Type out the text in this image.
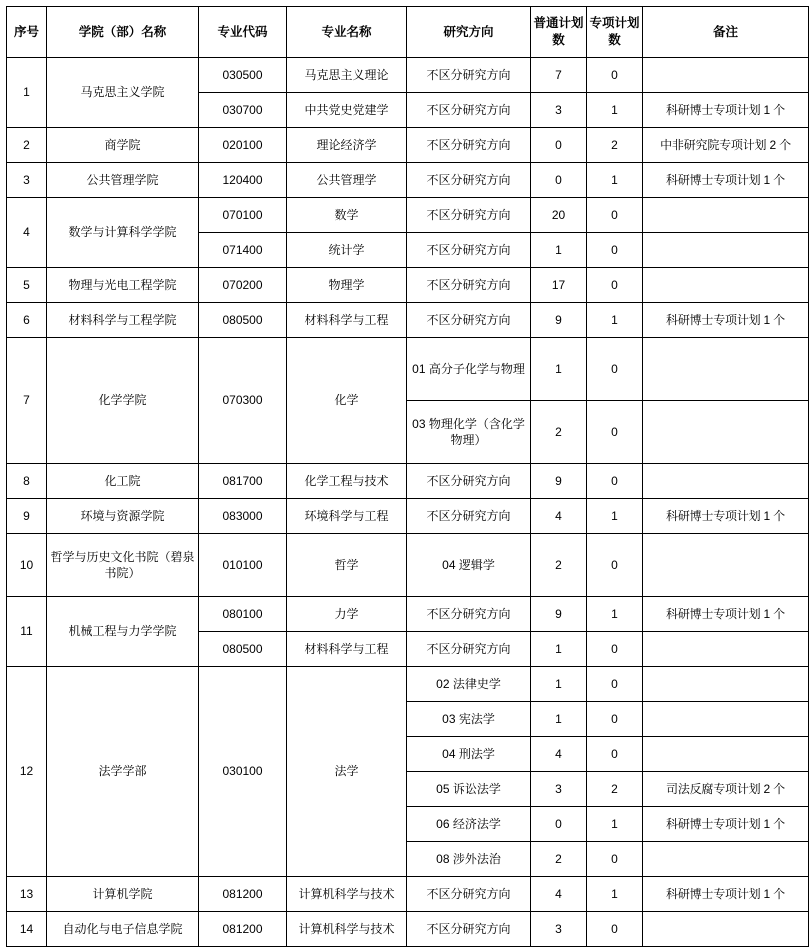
序号	学院（部）名称	专业代码	专业名称	研究方向	普通计划数	专项计划数	备注
1	马克思主义学院	030500	马克思主义理论	不区分研究方向	7	0	
		030700	中共党史党建学	不区分研究方向	3	1	科研博士专项计划 1 个
2	商学院	020100	理论经济学	不区分研究方向	0	2	中非研究院专项计划 2 个
3	公共管理学院	120400	公共管理学	不区分研究方向	0	1	科研博士专项计划 1 个
4	数学与计算科学学院	070100	数学	不区分研究方向	20	0	
		071400	统计学	不区分研究方向	1	0	
5	物理与光电工程学院	070200	物理学	不区分研究方向	17	0	
6	材料科学与工程学院	080500	材料科学与工程	不区分研究方向	9	1	科研博士专项计划 1 个
7	化学学院	070300	化学	01 高分子化学与物理	1	0	
				03 物理化学（含化学物理）	2	0	
8	化工院	081700	化学工程与技术	不区分研究方向	9	0	
9	环境与资源学院	083000	环境科学与工程	不区分研究方向	4	1	科研博士专项计划 1 个
10	哲学与历史文化书院（碧泉书院）	010100	哲学	04 逻辑学	2	0	
11	机械工程与力学学院	080100	力学	不区分研究方向	9	1	科研博士专项计划 1 个
		080500	材料科学与工程	不区分研究方向	1	0	
12	法学学部	030100	法学	02 法律史学	1	0	
				03 宪法学	1	0	
				04 刑法学	4	0	
				05 诉讼法学	3	2	司法反腐专项计划 2 个
				06 经济法学	0	1	科研博士专项计划 1 个
				08 涉外法治	2	0	
13	计算机学院	081200	计算机科学与技术	不区分研究方向	4	1	科研博士专项计划 1 个
14	自动化与电子信息学院	081200	计算机科学与技术	不区分研究方向	3	0	
